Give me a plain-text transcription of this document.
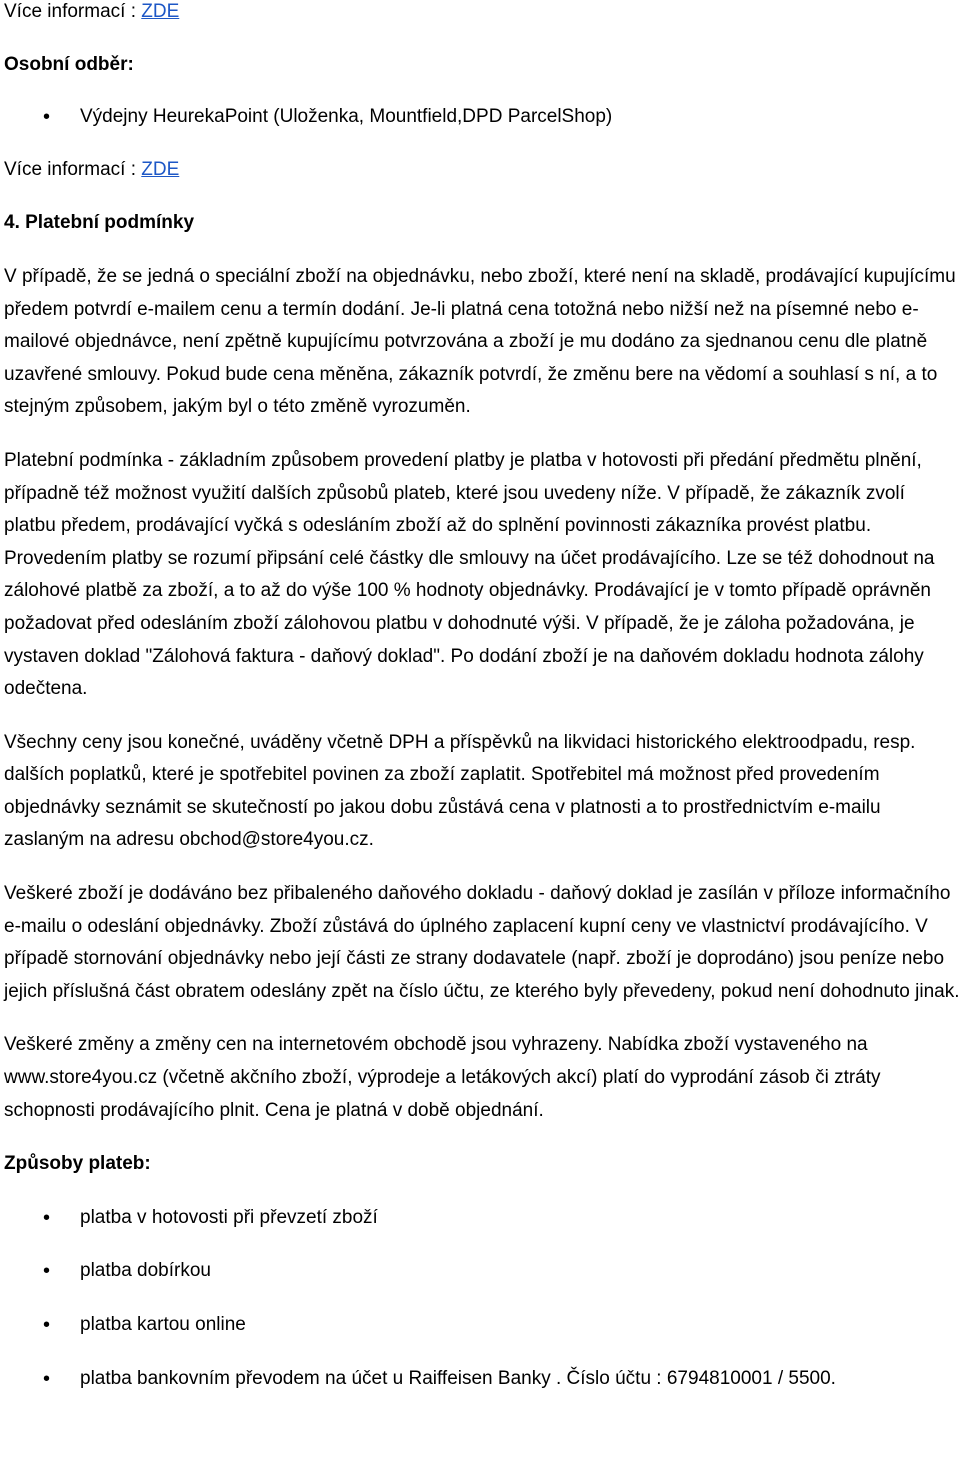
Více informací : ZDE
Osobní odběr:
• Výdejny HeurekaPoint (Uloženka, Mountfield,DPD ParcelShop)
Více informací : ZDE
4. Platební podmínky

V případě, že se jedná o speciální zboží na objednávku, nebo zboží, které není na skladě, prodávající kupujícímu předem potvrdí e-mailem cenu a termín dodání. Je-li platná cena totožná nebo nižší než na písemné nebo e-mailové objednávce, není zpětně kupujícímu potvrzována a zboží je mu dodáno za sjednanou cenu dle platně uzavřené smlouvy. Pokud bude cena měněna, zákazník potvrdí, že změnu bere na vědomí a souhlasí s ní, a to stejným způsobem, jakým byl o této změně vyrozuměn.

Platební podmínka - základním způsobem provedení platby je platba v hotovosti při předání předmětu plnění, případně též možnost využití dalších způsobů plateb, které jsou uvedeny níže. V případě, že zákazník zvolí platbu předem, prodávající vyčká s odesláním zboží až do splnění povinnosti zákazníka provést platbu. Provedením platby se rozumí připsání celé částky dle smlouvy na účet prodávajícího. Lze se též dohodnout na zálohové platbě za zboží, a to až do výše 100 % hodnoty objednávky. Prodávající je v tomto případě oprávněn požadovat před odesláním zboží zálohovou platbu v dohodnuté výši. V případě, že je záloha požadována, je vystaven doklad "Zálohová faktura - daňový doklad". Po dodání zboží je na daňovém dokladu hodnota zálohy odečtena.

Všechny ceny jsou konečné, uváděny včetně DPH a příspěvků na likvidaci historického elektroodpadu, resp. dalších poplatků, které je spotřebitel povinen za zboží zaplatit. Spotřebitel má možnost před provedením objednávky seznámit se skutečností po jakou dobu zůstává cena v platnosti a to prostřednictvím e-mailu zaslaným na adresu obchod@store4you.cz.

Veškeré zboží je dodáváno bez přibaleného daňového dokladu - daňový doklad je zasílán v příloze informačního e-mailu o odeslání objednávky. Zboží zůstává do úplného zaplacení kupní ceny ve vlastnictví prodávajícího. V případě stornování objednávky nebo její části ze strany dodavatele (např. zboží je doprodáno) jsou peníze nebo jejich příslušná část obratem odeslány zpět na číslo účtu, ze kterého byly převedeny, pokud není dohodnuto jinak.

Veškeré změny a změny cen na internetovém obchodě jsou vyhrazeny. Nabídka zboží vystaveného na www.store4you.cz (včetně akčního zboží, výprodeje a letákových akcí) platí do vyprodání zásob či ztráty schopnosti prodávajícího plnit. Cena je platná v době objednání.

Způsoby plateb:
• platba v hotovosti při převzetí zboží
• platba dobírkou
• platba kartou online
• platba bankovním převodem na účet u Raiffeisen Banky . Číslo účtu : 6794810001 / 5500.
